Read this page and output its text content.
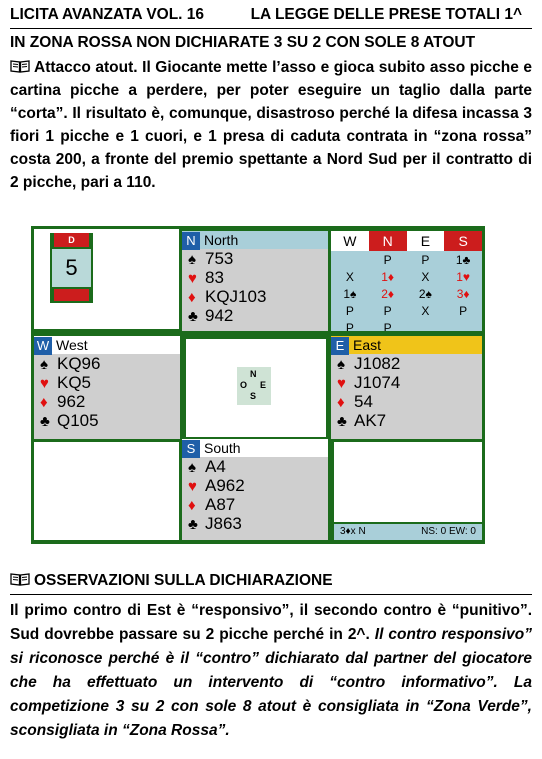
LICITA AVANZATA VOL. 16	LA LEGGE DELLE PRESE TOTALI 1^
IN ZONA ROSSA NON DICHIARATE 3 SU 2 CON SOLE 8 ATOUT
Attacco atout. Il Giocante mette l’asso e gioca subito asso picche e cartina picche a perdere, per poter eseguire un taglio dalla parte “corta”. Il risultato è, comunque, disastroso perché la difesa incassa 3 fiori 1 picche e 1 cuori, e 1 presa di caduta contrata in “zona rossa” costa 200, a fronte del premio spettante a Nord Sud per il contratto di 2 picche, pari a 110.
D
5
N North
♠ 753
♥ 83
♦ KQJ103
♣ 942
W	N	E	S
	P	P	1♣
X	1♦	X	1♥
1♠	2♦	2♠	3♦
P	P	X	P
P	P		
W West
♠ KQ96
♥ KQ5
♦ 962
♣ Q105
N
O E
S
E East
♠ J1082
♥ J1074
♦ 54
♣ AK7
S South
♠ A4
♥ A962
♦ A87
♣ J863	3♦x N	NS: 0 EW: 0
OSSERVAZIONI SULLA DICHIARAZIONE
Il primo contro di Est è “responsivo”, il secondo contro è “punitivo”. Sud dovrebbe passare su 2 picche perché in 2^. Il contro responsivo” si riconosce perché è il “contro” dichiarato dal partner del giocatore che ha effettuato un intervento di “contro informativo”. La competizione 3 su 2 con sole 8 atout è consigliata in “Zona Verde”, sconsigliata in “Zona Rossa”.
